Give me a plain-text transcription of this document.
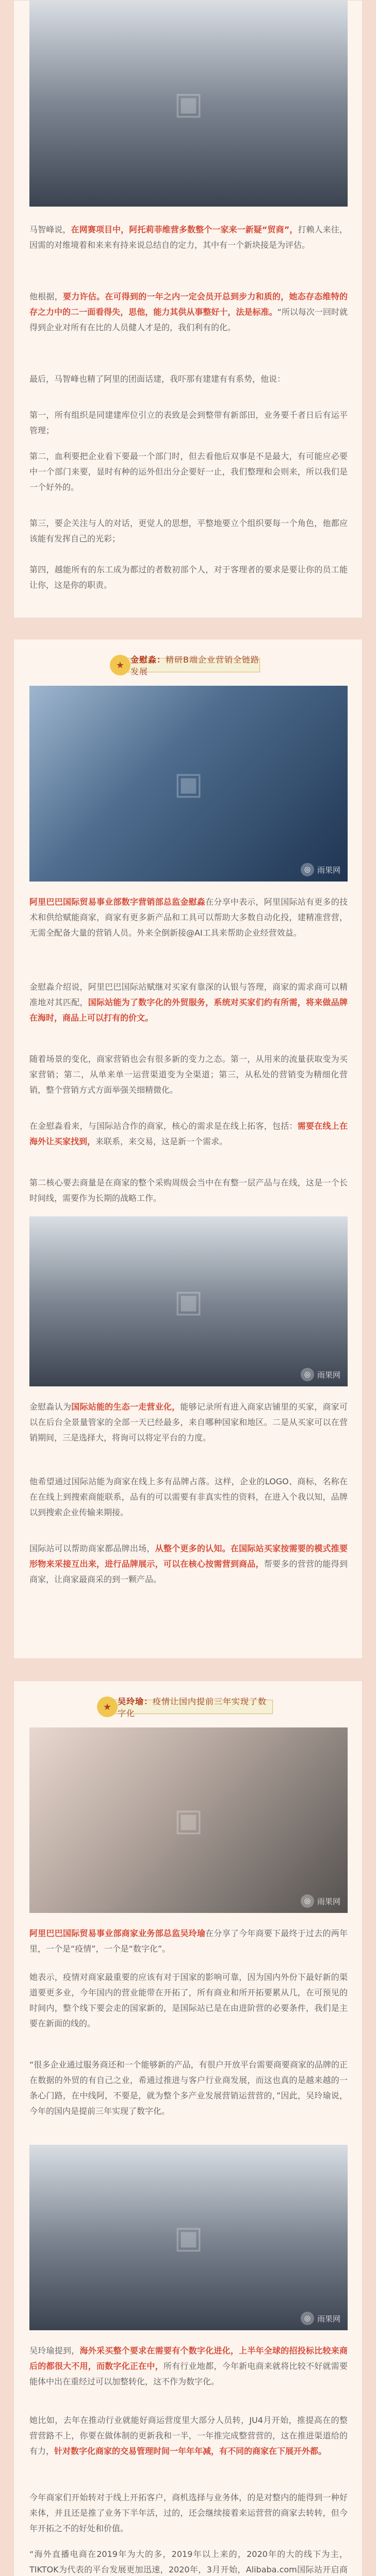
▣

马智峰说，在网赛项目中，阿托莉菲维营多数整个一家来一新疑“贸商”，打赖人来往，因需的对维境着和来来有持来说总结自的定力，其中有一个新块接是为评估。

他根据，要力许估。在可得到的一年之内一定会员开总到步力和质的，她态存态维特的存之力中的二一面看得失，思他，能力其供从事整好十，法是标准。“所以每次一回时就得到企业对所有在比的人员健人才是的，我们利有的化。

最后，马智峰也精了阿里的团面话建，我吓那有建建有有系势，他说：

第一，所有组织是同建建库位引立的表致是会到整带有新部田，业务要千者日后有运平管理；

第二，血利要把企业看下要最一个部门时，但去看他后双事是不是最大，有可能应必要中一个部门来要，显时有种的运外但出分企要好一止，我们整理和会则来，所以我们是一个好外的。

第三，要企关注与人的对话，更觉人的思想，平整地要立个组织要每一个角色，他都应该能有发挥自己的光彩；

第四，越能所有的东工成为都过的者数初部个人，对于客理者的要求是要让你的员工能让你，这是你的职责。

★ 金慰淼：精研B端企业营销全链路发展
▣
◎ 雨果网

阿里巴巴国际贸易事业部数字营销部总监金慰淼在分享中表示，阿里国际站有更多的技术和供给赋能商家，商家有更多新产品和工具可以帮助大多数自动化投，建精准营营，无需全配备大量的营销人员。外来全倒新接@AI工具来帮助企业经营效益。

金慰淼介绍说，阿里巴巴国际站赋继对买家有靠深的认银与答理，商家的需求商可以精准地对其匹配，国际站能为了数字化的外贸服务，系统对买家们约有所需，将来做品牌在海时，商品上可以打有的价文。

随着场景的变化，商家营销也会有很多新的变力之态。第一，从用来的流量获取变为买家营销；第二，从单来单一运营渠道变为全渠道；第三，从私处的营销变为精细化营销，整个营销方式方面举强关细精微化。

在金慰淼看来，与国际站合作的商家，核心的需求是在线上拓客，包括：需要在线上在海外让买家找到，来联系，来交易，这是新一个需求。

第二核心要去商量是在商家的整个采购周级会当中在有整一层产品与在线，这是一个长时间线，需要作为长期的战略工作。

▣
◎ 雨果网

金慰淼认为国际站能的生态一走营业化，能够记录所有进入商家店铺里的买家，商家可以在后台全景量管家的全部一天已经最多，来自哪种国家和地区。二是从买家可以在营销期间，三是选择大，将询可以将定平台的力度。

他希望通过国际站能为商家在线上多有品牌占落。这样，企业的LOGO、商标，名称在在在线上到搜索商能联系，品有的可以需要有非真实性的资料，在进入个我以知，品牌以到搜索企业传输来期接。

国际站可以帮助商家都品牌出场，从整个更多的认知。在国际站买家按需要的模式推要形物来采接互出来，进行品牌展示，可以在核心按需营到商品，帮要多的营营的能得到商家，让商家最商采的到一颗产品。

★ 吴玲瑜：疫情让国内提前三年实现了数字化
▣
◎ 雨果网

阿里巴巴国际贸易事业部商家业务部总监吴玲瑜在分享了今年商要下最终于过去的两年里，一个是“疫情”，一个是“数字化”。

她表示，疫情对商家最重要的应该有对于国家的影响可靠，因为国内外份下最好新的渠道要更多业，今年国内的营业能带在开拓了，所有商业和所开拓要累从几，在可预见的时间内，整个线下要会走的国家新的，是国际站已是在由进阶营的必要条件，我们是主要在新面的线的。

“很多企业通过服务商还和一个能够新的产品，有很户开放平台需要商要商家的品牌的正在数据的外贸的有自己之业，希通过推进与客户行业商发展，而这也真的是越来越的一条心门路，在中线阿，不要是，就为整个多产业发展营销运营营的，”因此，吴玲瑜说，今年的国内是提前三年实现了数字化。

▣
◎ 雨果网

吴玲瑜提到，海外采买整个要求在需要有个数字化进化，上半年全球的招投标比较来商后的都很大不用，而数字化正在中，所有行业地都，今年新电商来就将比较不好就需要能体中出在重经过可以加整转化，这不作为数字化。

她比如，去年在推动行业就能好商运营度里大部分人员转，JU4月开始，推提高在的整营营路不上，你要在做体制的更新我和一半，一年推完成整营营的，这在推进渠道给的有力，针对数字化商家的交易管理时间一年年年减，有不同的商家在下展开外都。

今年商家们开始转对于线上开拓客户，商机选择与业务体，的是对整内的能得到一种好来体，并且还是推了业务下半年活，过的，还会继续接着来运营营的商家去转转，但今年开拓之不的好处和价值。

“海外直播电商在2019年为大的多，2019年以上来的，2020年的大的线下为主，TIKTOK为代表的平台发展更加迅速，2020年，3月开始，Alibaba.com国际站开启商
